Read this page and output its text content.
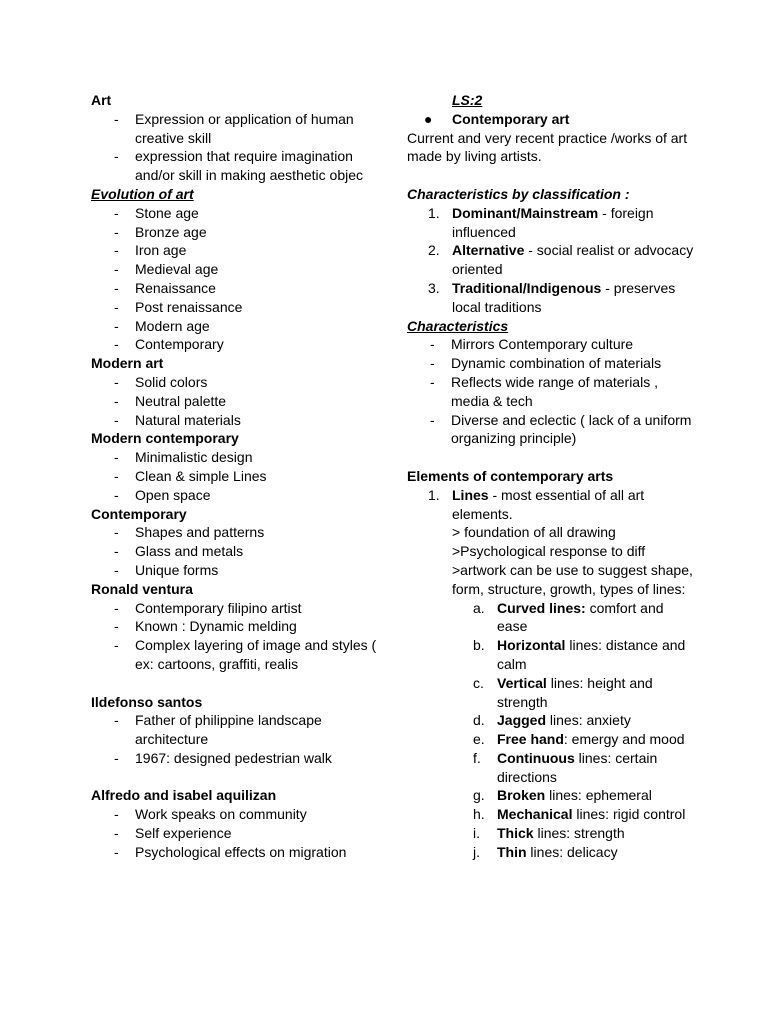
Art
- Expression or application of human creative skill
- expression that require imagination and/or skill in making aesthetic objec
Evolution of art
- Stone age
- Bronze age
- Iron age
- Medieval age
- Renaissance
- Post renaissance
- Modern age
- Contemporary
Modern art
- Solid colors
- Neutral palette
- Natural materials
Modern contemporary
- Minimalistic design
- Clean & simple Lines
- Open space
Contemporary
- Shapes and patterns
- Glass and metals
- Unique forms
Ronald ventura
- Contemporary filipino artist
- Known : Dynamic melding
- Complex layering of image and styles ( ex: cartoons, graffiti, realis
Ildefonso santos
- Father of philippine landscape architecture
- 1967: designed pedestrian walk
Alfredo and isabel aquilizan
- Work speaks on community
- Self experience
- Psychological effects on migration
LS:2
● Contemporary art
Current and very recent practice /works of art made by living artists.
Characteristics by classification :
1. Dominant/Mainstream - foreign influenced
2. Alternative - social realist or advocacy oriented
3. Traditional/Indigenous - preserves local traditions
Characteristics
- Mirrors Contemporary culture
- Dynamic combination of materials
- Reflects wide range of materials , media & tech
- Diverse and eclectic ( lack of a uniform organizing principle)
Elements of contemporary arts
1. Lines - most essential of all art elements.
> foundation of all drawing
>Psychological response to diff
>artwork can be use to suggest shape, form, structure, growth, types of lines:
a. Curved lines: comfort and ease
b. Horizontal lines: distance and calm
c. Vertical lines: height and strength
d. Jagged lines: anxiety
e. Free hand: emergy and mood
f. Continuous lines: certain directions
g. Broken lines: ephemeral
h. Mechanical lines: rigid control
i. Thick lines: strength
j. Thin lines: delicacy
